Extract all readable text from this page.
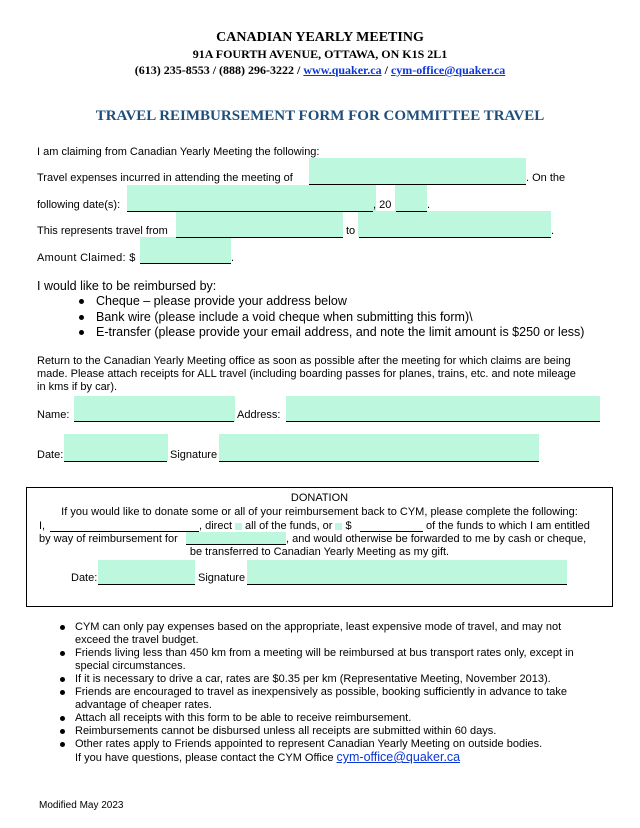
CANADIAN YEARLY MEETING
91A FOURTH AVENUE, OTTAWA, ON K1S 2L1
(613) 235-8553 / (888) 296-3222 / www.quaker.ca / cym-office@quaker.ca
TRAVEL REIMBURSEMENT FORM FOR COMMITTEE TRAVEL
I am claiming from Canadian Yearly Meeting the following:
Travel expenses incurred in attending the meeting of	. On the
following date(s):	, 20	.
This represents travel from	to	.
Amount Claimed: $	.
I would like to be reimbursed by:
Cheque – please provide your address below
Bank wire (please include a void cheque when submitting this form)\
E-transfer (please provide your email address, and note the limit amount is $250 or less)
Return to the Canadian Yearly Meeting office as soon as possible after the meeting for which claims are being
made. Please attach receipts for ALL travel (including boarding passes for planes, trains, etc. and note mileage
in kms if by car).
Name:	Address:
Date:	Signature
DONATION
If you would like to donate some or all of your reimbursement back to CYM, please complete the following:
I,	, direct all of the funds, or $	of the funds to which I am entitled
by way of reimbursement for	, and would otherwise be forwarded to me by cash or cheque,
be transferred to Canadian Yearly Meeting as my gift.
Date:	Signature
CYM can only pay expenses based on the appropriate, least expensive mode of travel, and may not
exceed the travel budget.
Friends living less than 450 km from a meeting will be reimbursed at bus transport rates only, except in
special circumstances.
If it is necessary to drive a car, rates are $0.35 per km (Representative Meeting, November 2013).
Friends are encouraged to travel as inexpensively as possible, booking sufficiently in advance to take
advantage of cheaper rates.
Attach all receipts with this form to be able to receive reimbursement.
Reimbursements cannot be disbursed unless all receipts are submitted within 60 days.
Other rates apply to Friends appointed to represent Canadian Yearly Meeting on outside bodies.
If you have questions, please contact the CYM Office cym-office@quaker.ca
Modified May 2023
